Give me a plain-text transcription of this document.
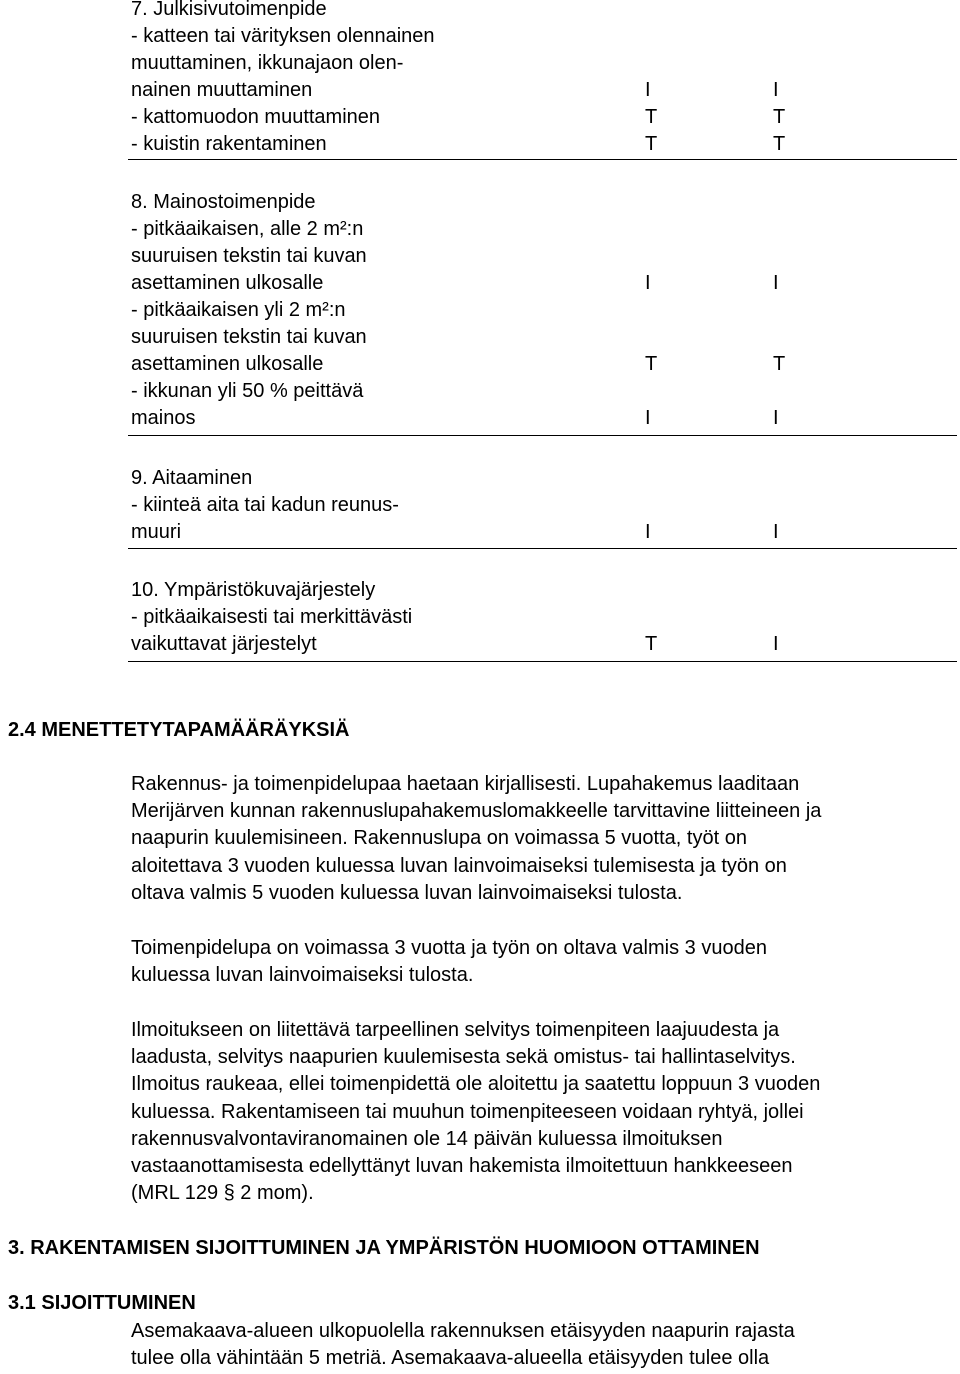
7. Julkisivutoimenpide
- katteen tai värityksen olennainen
muuttaminen, ikkunajaon olen-
nainen muuttaminen	I	I
- kattomuodon muuttaminen	T	T
- kuistin rakentaminen	T	T
8. Mainostoimenpide
- pitkäaikaisen, alle 2 m²:n
suuruisen tekstin tai kuvan
asettaminen ulkosalle	I	I
- pitkäaikaisen yli 2 m²:n
suuruisen tekstin tai kuvan
asettaminen ulkosalle	T	T
- ikkunan yli 50 % peittävä
mainos	I	I
9. Aitaaminen
- kiinteä aita tai kadun reunus-
muuri	I	I
10. Ympäristökuvajärjestely
- pitkäaikaisesti tai merkittävästi
vaikuttavat järjestelyt	T	I
2.4 MENETTETYTAPAMÄÄRÄYKSIÄ
Rakennus- ja toimenpidelupaa haetaan kirjallisesti. Lupahakemus laaditaan
Merijärven kunnan rakennuslupahakemuslomakkeelle tarvittavine liitteineen ja
naapurin kuulemisineen. Rakennuslupa on voimassa 5 vuotta, työt on
aloitettava 3 vuoden kuluessa luvan lainvoimaiseksi tulemisesta ja työn on
oltava valmis 5 vuoden kuluessa luvan lainvoimaiseksi tulosta.
Toimenpidelupa on voimassa 3 vuotta ja työn on oltava valmis 3 vuoden
kuluessa luvan lainvoimaiseksi tulosta.
Ilmoitukseen on liitettävä tarpeellinen selvitys toimenpiteen laajuudesta ja
laadusta, selvitys naapurien kuulemisesta sekä omistus- tai hallintaselvitys.
Ilmoitus raukeaa, ellei toimenpidettä ole aloitettu ja saatettu loppuun 3 vuoden
kuluessa. Rakentamiseen tai muuhun toimenpiteeseen voidaan ryhtyä, jollei
rakennusvalvontaviranomainen ole 14 päivän kuluessa ilmoituksen
vastaanottamisesta edellyttänyt luvan hakemista ilmoitettuun hankkeeseen
(MRL 129 § 2 mom).
3. RAKENTAMISEN SIJOITTUMINEN JA YMPÄRISTÖN HUOMIOON OTTAMINEN
3.1 SIJOITTUMINEN
Asemakaava-alueen ulkopuolella rakennuksen etäisyyden naapurin rajasta
tulee olla vähintään 5 metriä. Asemakaava-alueella etäisyyden tulee olla
